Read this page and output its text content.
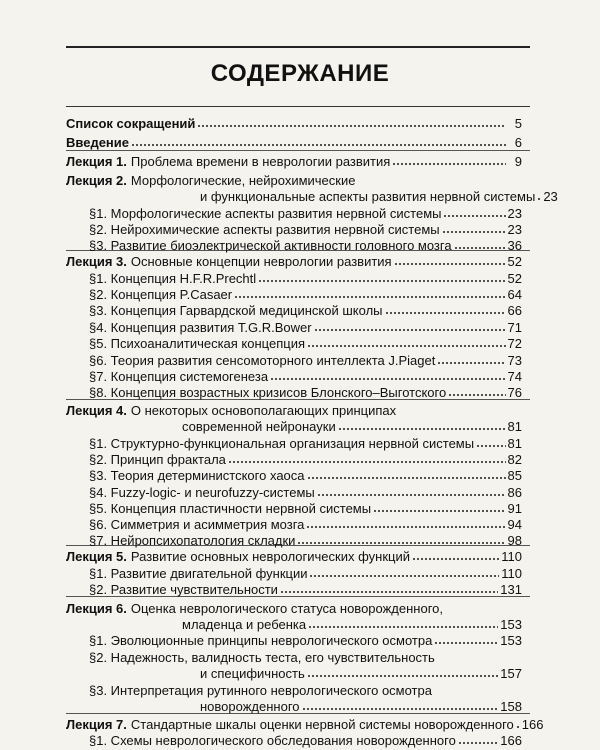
СОДЕРЖАНИЕ
Список сокращений	5
Введение	6
Лекция 1. Проблема времени в неврологии развития	9
Лекция 2. Морфологические, нейрохимические
и функциональные аспекты развития нервной системы 23
§1. Морфологические аспекты развития нервной системы	23
§2. Нейрохимические аспекты развития нервной системы	23
§3. Развитие биоэлектрической активности головного мозга	36
Лекция 3. Основные концепции неврологии развития	52
§1. Концепция H.F.R.Prechtl	52
§2. Концепция P.Casaer	64
§3. Концепция Гарвардской медицинской школы	66
§4. Концепция развития T.G.R.Bower	71
§5. Психоаналитическая концепция	72
§6. Теория развития сенсомоторного интеллекта J.Piaget	73
§7. Концепция системогенеза	74
§8. Концепция возрастных кризисов Блонского–Выготского	76
Лекция 4. О некоторых основополагающих принципах
современной нейронауки	81
§1. Структурно-функциональная организация нервной системы	81
§2. Принцип фрактала	82
§3. Теория детерминистского хаоса	85
§4. Fuzzy-logic- и neurofuzzy-системы	86
§5. Концепция пластичности нервной системы	91
§6. Симметрия и асимметрия мозга	94
§7. Нейропсихопатология складки	98
Лекция 5. Развитие основных неврологических функций	110
§1. Развитие двигательной функции	110
§2. Развитие чувствительности	131
Лекция 6. Оценка неврологического статуса новорожденного,
младенца и ребенка	153
§1. Эволюционные принципы неврологического осмотра	153
§2. Надежность, валидность теста, его чувствительность
и специфичность	157
§3. Интерпретация рутинного неврологического осмотра
новорожденного	158
Лекция 7. Стандартные шкалы оценки нервной системы новорожденного 166
§1. Схемы неврологического обследования новорожденного	166
